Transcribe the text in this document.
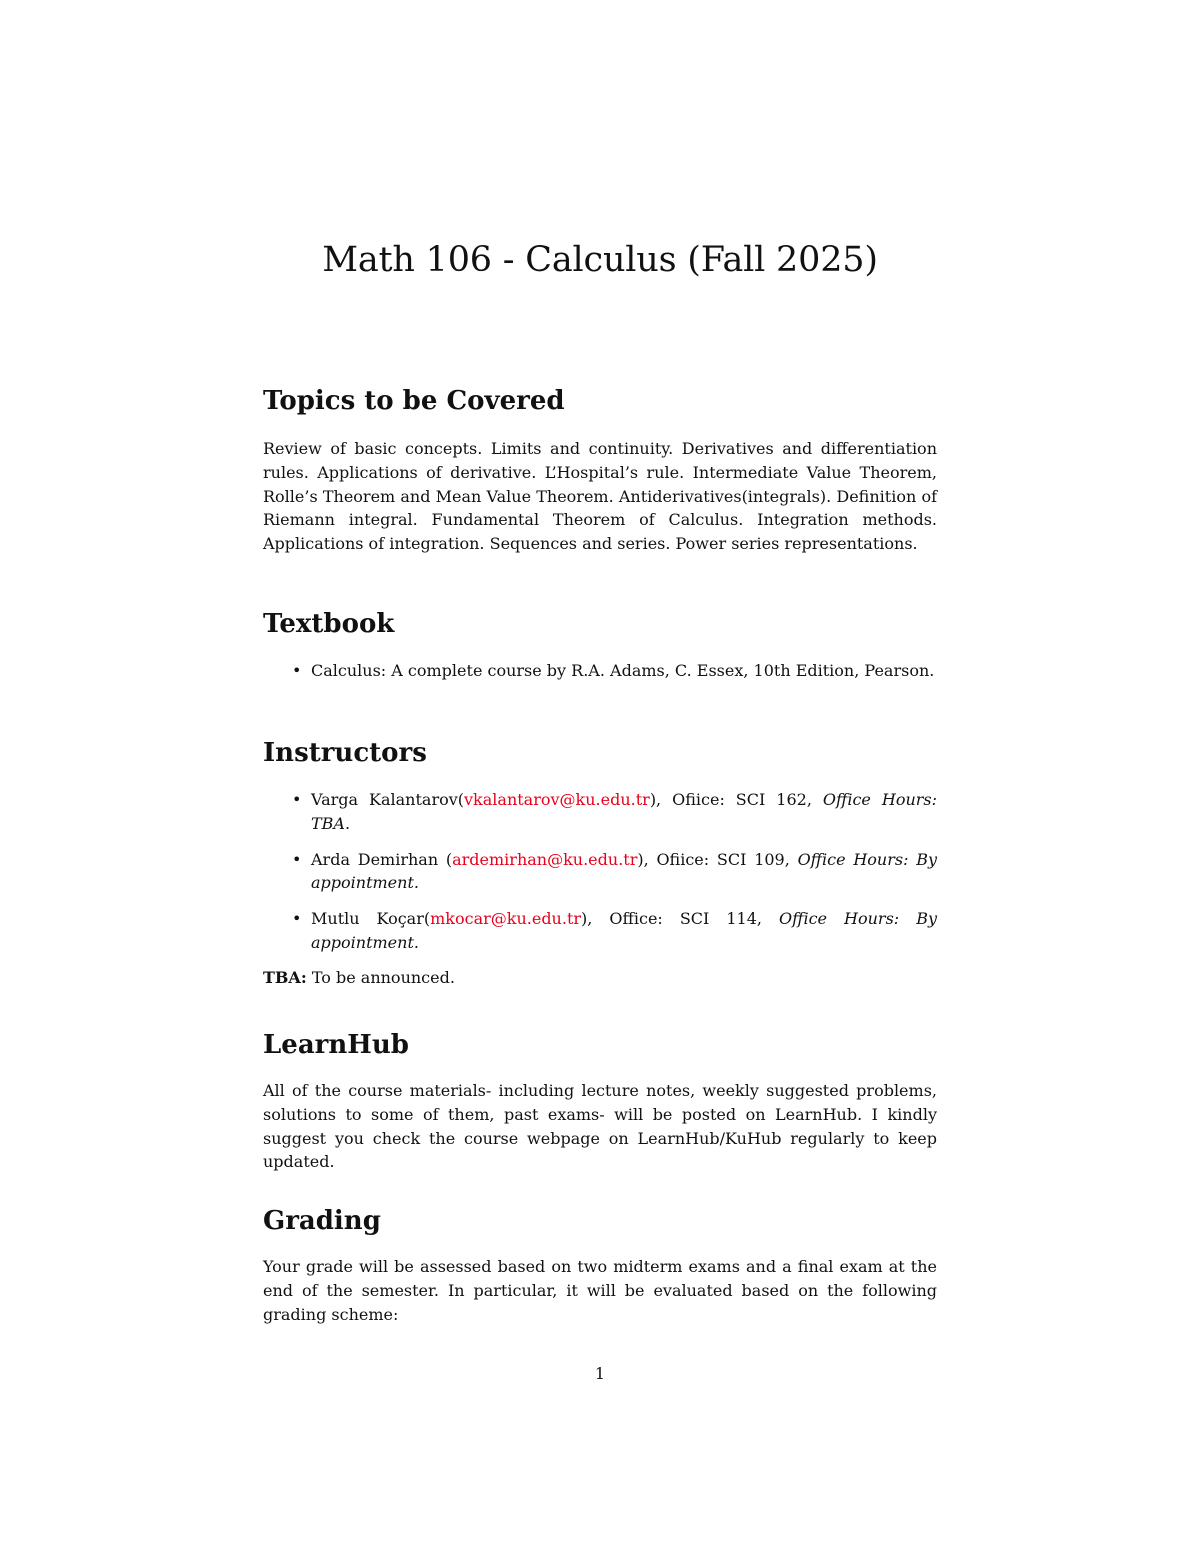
Math 106 - Calculus (Fall 2025)
Topics to be Covered

Review of basic concepts. Limits and continuity. Derivatives and differentiation rules. Applications of derivative. L’Hospital’s rule. Intermediate Value Theorem, Rolle’s Theorem and Mean Value Theorem. Antiderivatives(integrals). Definition of Riemann integral. Fundamental Theorem of Calculus. Integration methods. Applications of integration. Sequences and series. Power series representations.

Textbook
• Calculus: A complete course by R.A. Adams, C. Essex, 10th Edition, Pearson.
Instructors
• Varga Kalantarov(vkalantarov@ku.edu.tr), Ofiice: SCI 162, Office Hours: TBA.
• Arda Demirhan (ardemirhan@ku.edu.tr), Ofiice: SCI 109, Office Hours: By appointment.
• Mutlu Koçar(mkocar@ku.edu.tr), Office: SCI 114, Office Hours: By appointment.

TBA: To be announced.

LearnHub

All of the course materials- including lecture notes, weekly suggested problems, solutions to some of them, past exams- will be posted on LearnHub. I kindly suggest you check the course webpage on LearnHub/KuHub regularly to keep updated.

Grading

Your grade will be assessed based on two midterm exams and a final exam at the end of the semester. In particular, it will be evaluated based on the following grading scheme:

1
